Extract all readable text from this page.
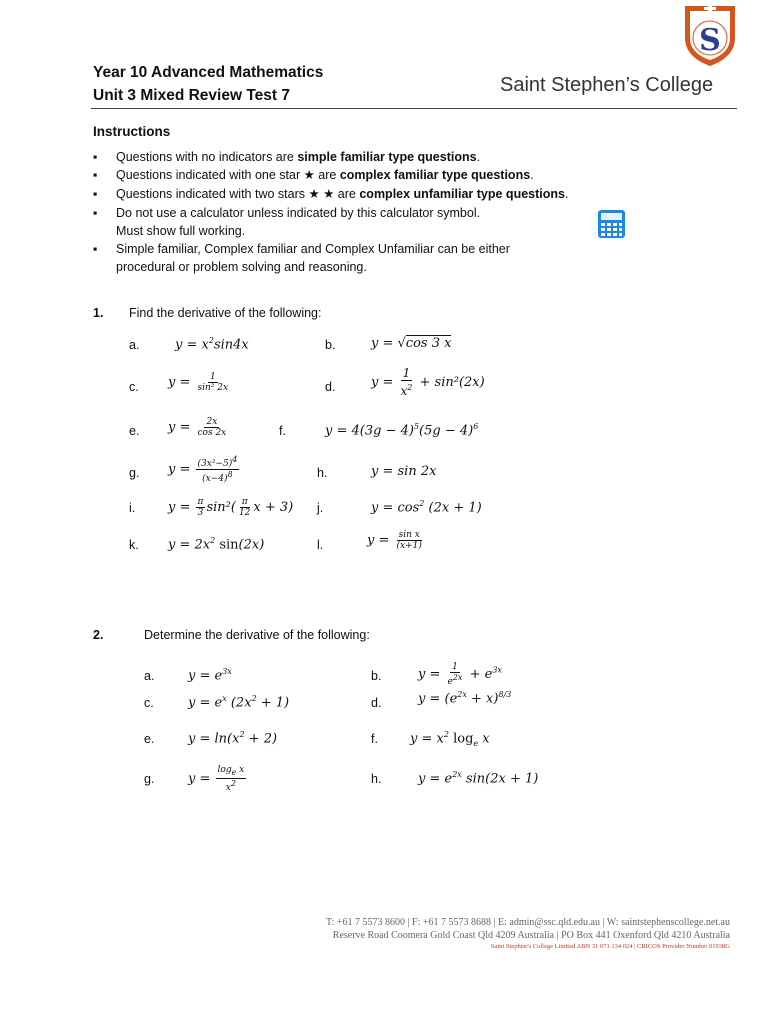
Year 10 Advanced Mathematics
Unit 3 Mixed Review Test 7	Saint Stephen’s College
S
Instructions
▪ Questions with no indicators are simple familiar type questions.
▪ Questions indicated with one star ★ are complex familiar type questions.
▪ Questions indicated with two stars ★ ★ are complex unfamiliar type questions.
▪ Do not use a calculator unless indicated by this calculator symbol.
Must show full working.
▪ Simple familiar, Complex familiar and Complex Unfamiliar can be either
procedural or problem solving and reasoning.
1. Find the derivative of the following:
a.	$y = x^2\sin 4x$	b.	y = √cos 3 x
c. $y = \frac{1}{\text{sin² 2x}}$	d.	$y = \frac{1}{x^2} + \sin^2(2x)$
e. $y = \frac{2x}{\cos 2x}$	f.	$y = 4(3g - 4)^5(5g - 4)^6$
g. $y = \frac{(3x^2-5)^4}{(x-4)^8}$	h.	y = sin 2x
i.	$y = \frac{\pi}{3} \sin^2( \frac{\pi}{12}$ x + 3) j.	$y = \cos^2 (2x + 1)$
k. $y = 2x^2$ sin(2x)	l.	$y = \frac{\text{sin x}}{(x+1)}$
2.	Determine the derivative of the following:
a.	$y = e^{3x}$	b.	$y = \frac{1}{e^{2x}} + e^{3x}$
c.	$y = e^x$ $(2x^2 + 1)$	d.	$y = (e^{2x} + x)^{8/3}$
e.	$y = \ln(x^2 + 2)$	f. $y = x^2$ $\log_e x$
g.	$y = \frac{\log_e x}{x^2}$	h.	$y = e^{2x}$ sin(2x + 1)
T: +61 7 5573 8600 | F: +61 7 5573 8688 | E: admin@ssc.qld.edu.au | W: saintstephenscollege.net.au
Reserve Road Coomera Gold Coast Qld 4209 Australia | PO Box 441 Oxenford Qld 4210 Australia
Saint Stephen’s College Limited ABN 31 071 134 024 | CRICOS Provider Number 01938G
